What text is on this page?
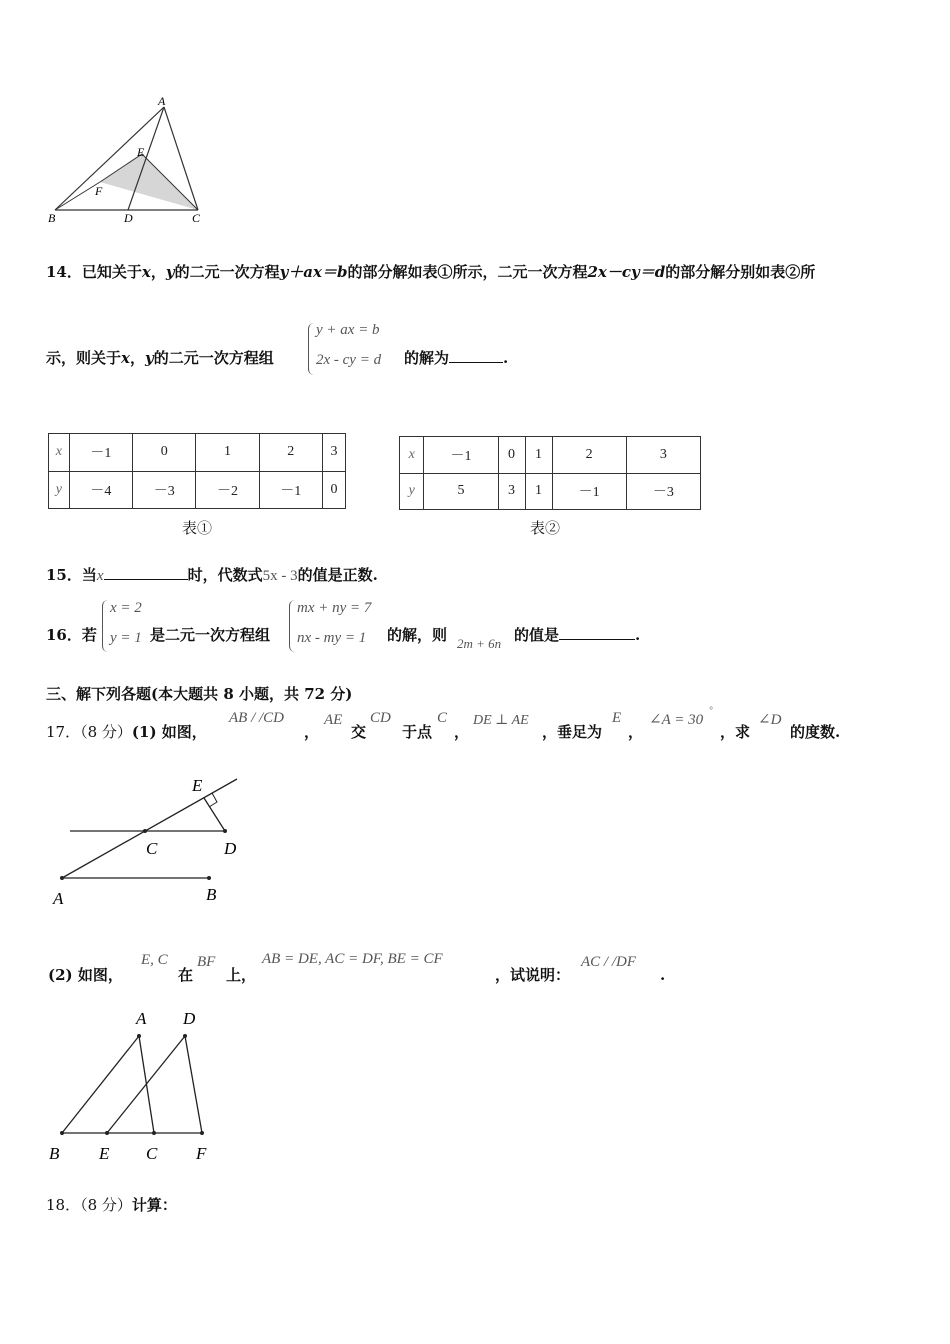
A
E
F
B	D	C
14．已知关于x，y的二元一次方程y＋ax＝b的部分解如表①所示，二元一次方程2x－cy＝d的部分解分别如表②所
示，则关于x，y的二元一次方程组
y + ax = b
2x - cy = d 的解为	.
x	－1	0	1	2	3
y	－4	－3	－2	－1	0
表①
x	－1	0	1	2	3
y	5	3	1	－1	－3
表②
15．当x	时，代数式5x - 3的值是正数.
16．若
x = 2
y = 1 是二元一次方程组
mx + ny = 7
nx - my = 1 的解，则 2m + 6n 的值是	.
三、解下列各题(本大题共 8 小题，共 72 分)
17．（8 分）(1) 如图，
AB / /CD
，
AE
交
CD
于点
C
，
DE ⊥ AE
，垂足为
E
，
∠A = 30
°
，求
∠D
的度数.
E
C	D
A	B
(2) 如图，
E, C
在
BF
上，
AB = DE, AC = DF, BE = CF
，试说明：
AC / /DF
.
A D
B E C F
18．（8 分）计算：
